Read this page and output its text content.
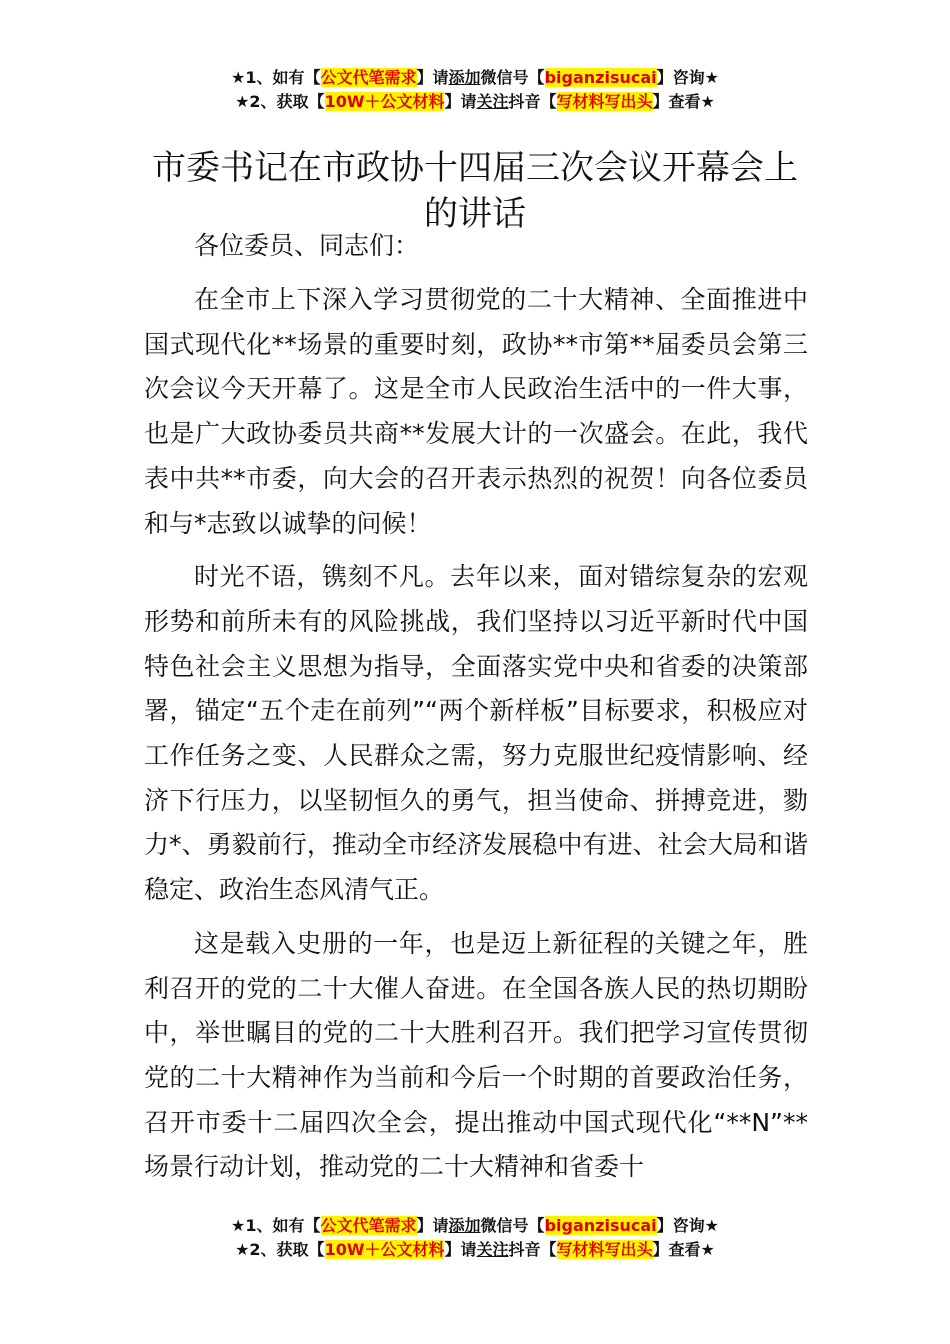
★1、如有【公文代笔需求】请添加微信号【biganzisucai】咨询★
★2、获取【10W＋公文材料】请关注抖音【写材料写出头】查看★
市委书记在市政协十四届三次会议开幕会上的讲话
各位委员、同志们：

在全市上下深入学习贯彻党的二十大精神、全面推进中国式现代化**场景的重要时刻，政协**市第**届委员会第三次会议今天开幕了。这是全市人民政治生活中的一件大事，也是广大政协委员共商**发展大计的一次盛会。在此，我代表中共**市委，向大会的召开表示热烈的祝贺！向各位委员和与*志致以诚挚的问候！

时光不语，镌刻不凡。去年以来，面对错综复杂的宏观形势和前所未有的风险挑战，我们坚持以习近平新时代中国特色社会主义思想为指导，全面落实党中央和省委的决策部署，锚定“五个走在前列”“两个新样板”目标要求，积极应对工作任务之变、人民群众之需，努力克服世纪疫情影响、经济下行压力，以坚韧恒久的勇气，担当使命、拼搏竞进，勠力*、勇毅前行，推动全市经济发展稳中有进、社会大局和谐稳定、政治生态风清气正。

这是载入史册的一年，也是迈上新征程的关键之年，胜利召开的党的二十大催人奋进。在全国各族人民的热切期盼中，举世瞩目的党的二十大胜利召开。我们把学习宣传贯彻党的二十大精神作为当前和今后一个时期的首要政治任务，召开市委十二届四次全会，提出推动中国式现代化“**N”**场景行动计划，推动党的二十大精神和省委十

★1、如有【公文代笔需求】请添加微信号【biganzisucai】咨询★
★2、获取【10W＋公文材料】请关注抖音【写材料写出头】查看★
